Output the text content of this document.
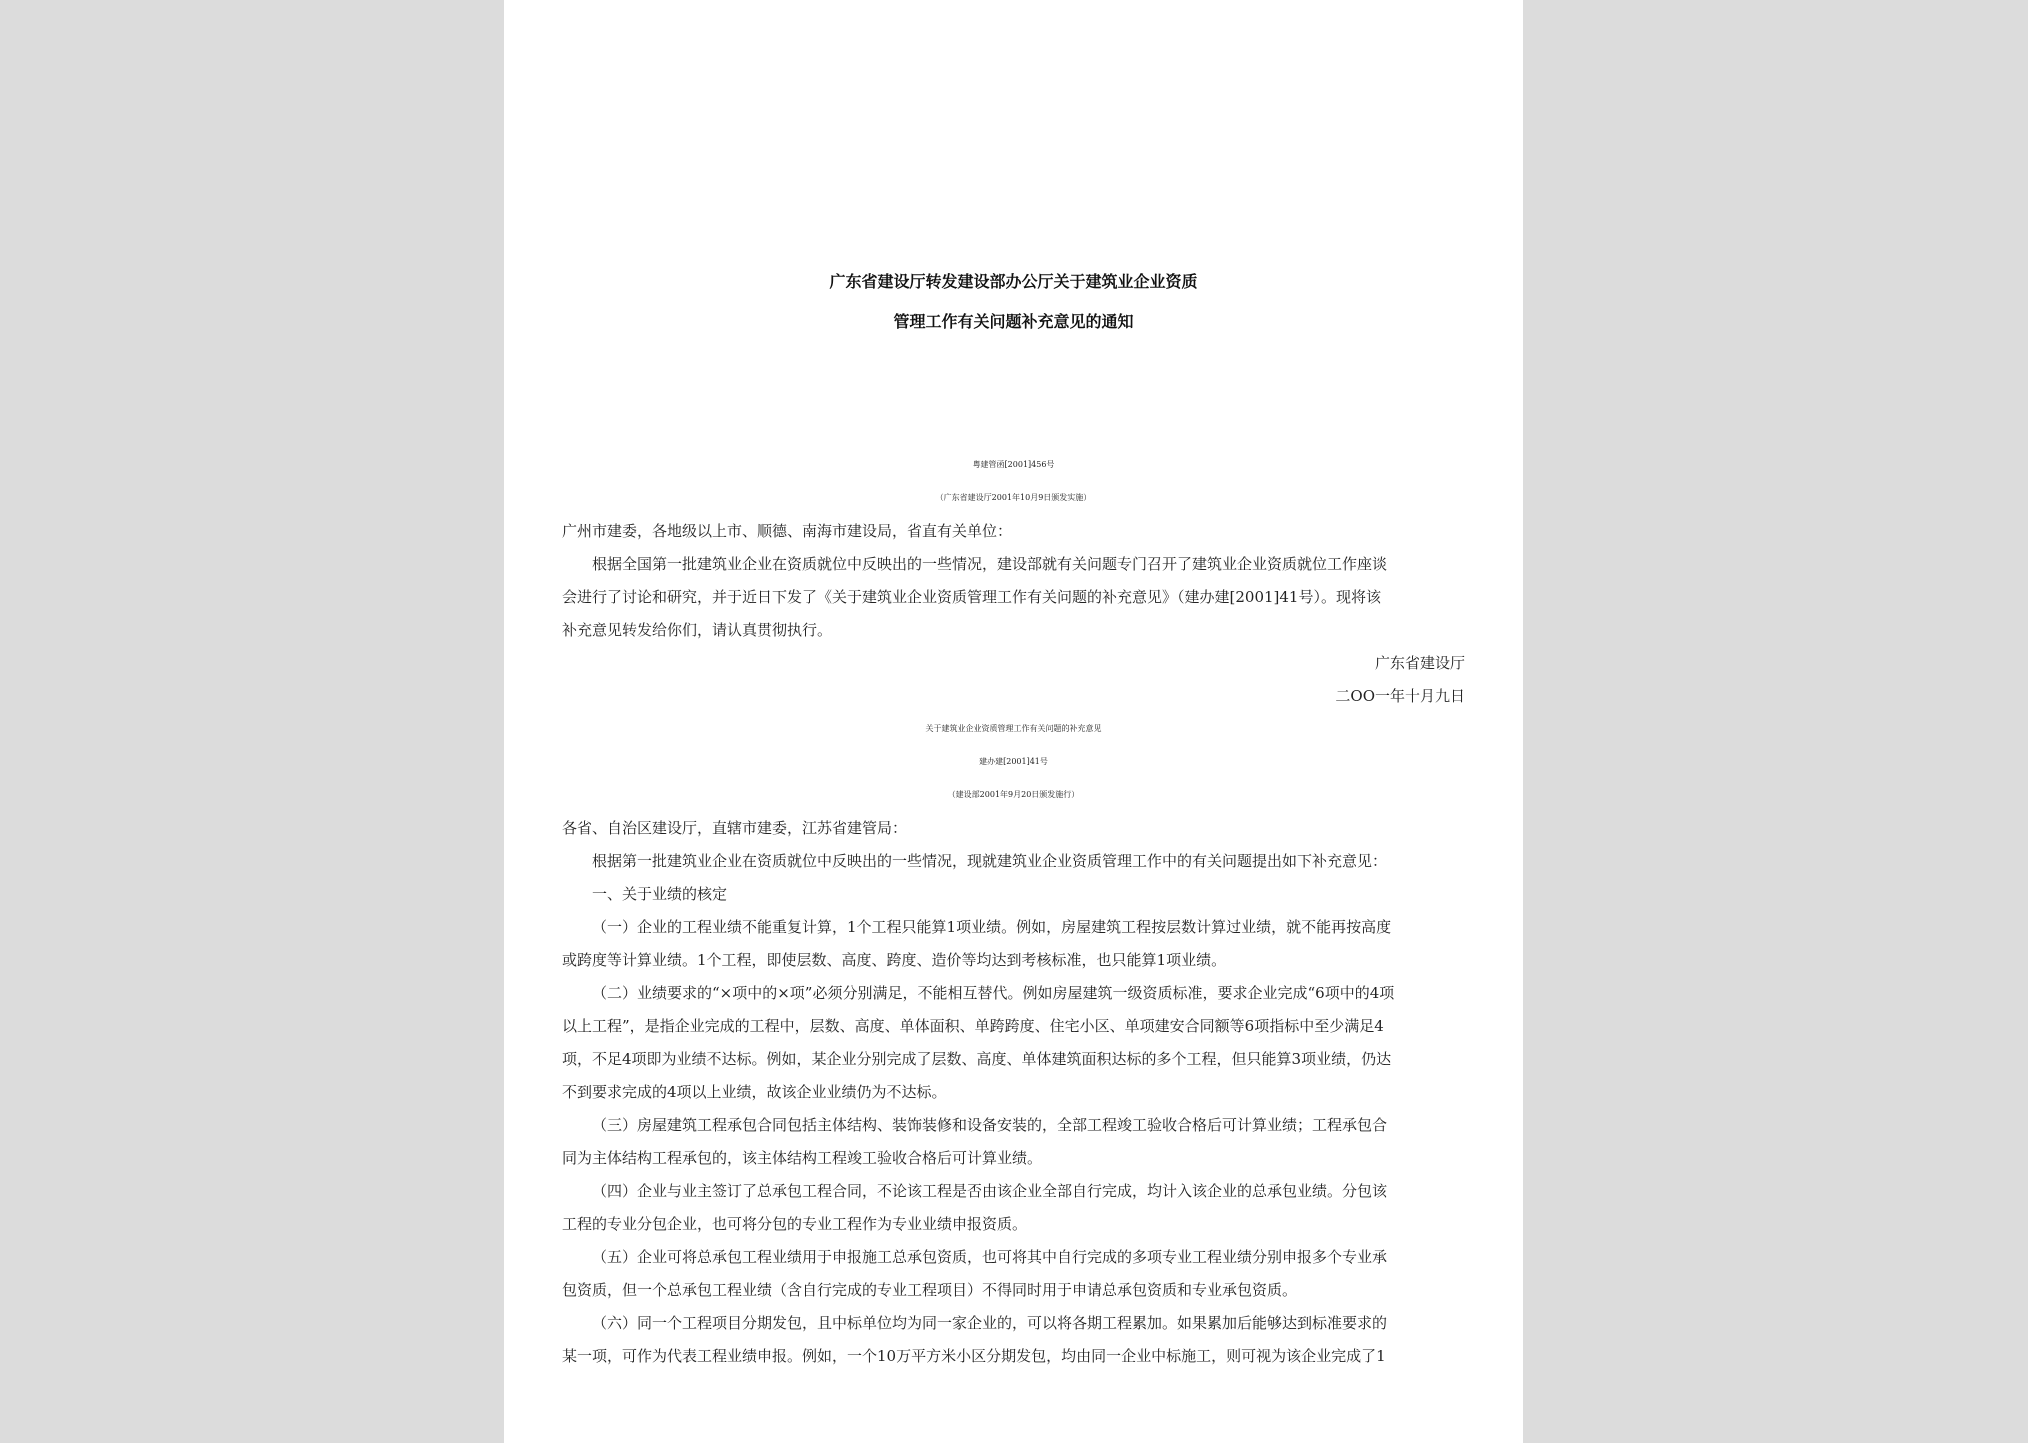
广东省建设厅转发建设部办公厅关于建筑业企业资质
管理工作有关问题补充意见的通知
粤建管函[2001]456号
（广东省建设厅2001年10月9日颁发实施）
广州市建委，各地级以上市、顺德、南海市建设局，省直有关单位：
根据全国第一批建筑业企业在资质就位中反映出的一些情况，建设部就有关问题专门召开了建筑业企业资质就位工作座谈
会进行了讨论和研究，并于近日下发了《关于建筑业企业资质管理工作有关问题的补充意见》（建办建[2001]41号）。现将该
补充意见转发给你们，请认真贯彻执行。
广东省建设厅
二OO一年十月九日
关于建筑业企业资质管理工作有关问题的补充意见
建办建[2001]41号
（建设部2001年9月20日颁发施行）
各省、自治区建设厅，直辖市建委，江苏省建管局：
根据第一批建筑业企业在资质就位中反映出的一些情况，现就建筑业企业资质管理工作中的有关问题提出如下补充意见：
一、关于业绩的核定
（一）企业的工程业绩不能重复计算，1个工程只能算1项业绩。例如，房屋建筑工程按层数计算过业绩，就不能再按高度
或跨度等计算业绩。1个工程，即使层数、高度、跨度、造价等均达到考核标准，也只能算1项业绩。
（二）业绩要求的“×项中的×项”必须分别满足，不能相互替代。例如房屋建筑一级资质标准，要求企业完成“6项中的4项
以上工程”，是指企业完成的工程中，层数、高度、单体面积、单跨跨度、住宅小区、单项建安合同额等6项指标中至少满足4
项，不足4项即为业绩不达标。例如，某企业分别完成了层数、高度、单体建筑面积达标的多个工程，但只能算3项业绩，仍达
不到要求完成的4项以上业绩，故该企业业绩仍为不达标。
（三）房屋建筑工程承包合同包括主体结构、装饰装修和设备安装的，全部工程竣工验收合格后可计算业绩；工程承包合
同为主体结构工程承包的，该主体结构工程竣工验收合格后可计算业绩。
（四）企业与业主签订了总承包工程合同，不论该工程是否由该企业全部自行完成，均计入该企业的总承包业绩。分包该
工程的专业分包企业，也可将分包的专业工程作为专业业绩申报资质。
（五）企业可将总承包工程业绩用于申报施工总承包资质，也可将其中自行完成的多项专业工程业绩分别申报多个专业承
包资质，但一个总承包工程业绩（含自行完成的专业工程项目）不得同时用于申请总承包资质和专业承包资质。
（六）同一个工程项目分期发包，且中标单位均为同一家企业的，可以将各期工程累加。如果累加后能够达到标准要求的
某一项，可作为代表工程业绩申报。例如，一个10万平方米小区分期发包，均由同一企业中标施工，则可视为该企业完成了1
